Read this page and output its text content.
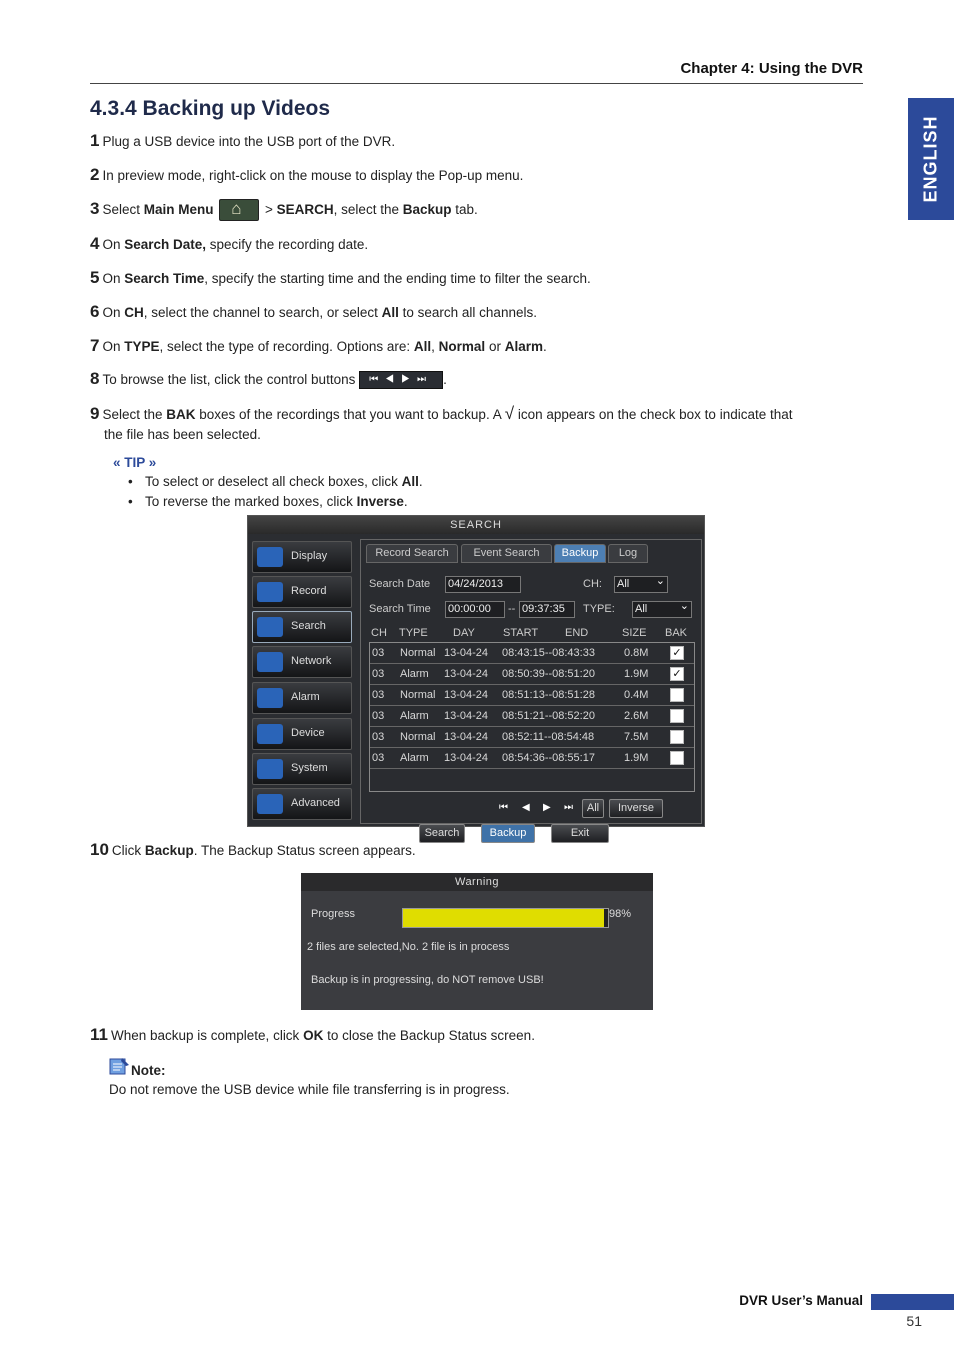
Chapter 4: Using the DVR
ENGLISH
4.3.4 Backing up Videos
1 Plug a USB device into the USB port of the DVR.
2 In preview mode, right-click on the mouse to display the Pop-up menu.
3 Select Main Menu ⌂	> SEARCH, select the Backup tab.
4 On Search Date, specify the recording date.
5 On Search Time, specify the starting time and the ending time to filter the search.
6 On CH, select the channel to search, or select All to search all channels.
7 On TYPE, select the type of recording. Options are: All, Normal or Alarm.
8 To browse the list, click the control buttons ⏮◀▶⏭ .
9 Select the BAK boxes of the recordings that you want to backup. A √ icon appears on the check box to indicate that
the file has been selected.
« TIP »
• To select or deselect all check boxes, click All.
• To reverse the marked boxes, click Inverse.
SEARCH
Display
Record
Search
Network
Alarm
Device
System
Advanced
Record Search	Event Search	Backup	Log
Search Date 04/24/2013	CH: All ⌄
Search Time 00:00:00	-- 09:37:35	TYPE: All ⌄
CH TYPE DAY	START END	SIZE BAK
03 Normal 13-04-24 08:43:15--08:43:33	0.8M ✓
03 Alarm 13-04-24 08:50:39--08:51:20	1.9M ✓
03 Normal 13-04-24 08:51:13--08:51:28	0.4M
03 Alarm 13-04-24 08:51:21--08:52:20	2.6M
03 Normal 13-04-24 08:52:11--08:54:48	7.5M
03 Alarm 13-04-24 08:54:36--08:55:17	1.9M
⏮ ◀ ▶ ⏭	All	Inverse
Search	Backup	Exit
10 Click Backup. The Backup Status screen appears.
Warning
Progress	98%
2 files are selected,No. 2 file is in process
Backup is in progressing, do NOT remove USB!
11 When backup is complete, click OK to close the Backup Status screen.
Note:
Do not remove the USB device while file transferring is in progress.
DVR User’s Manual
51
